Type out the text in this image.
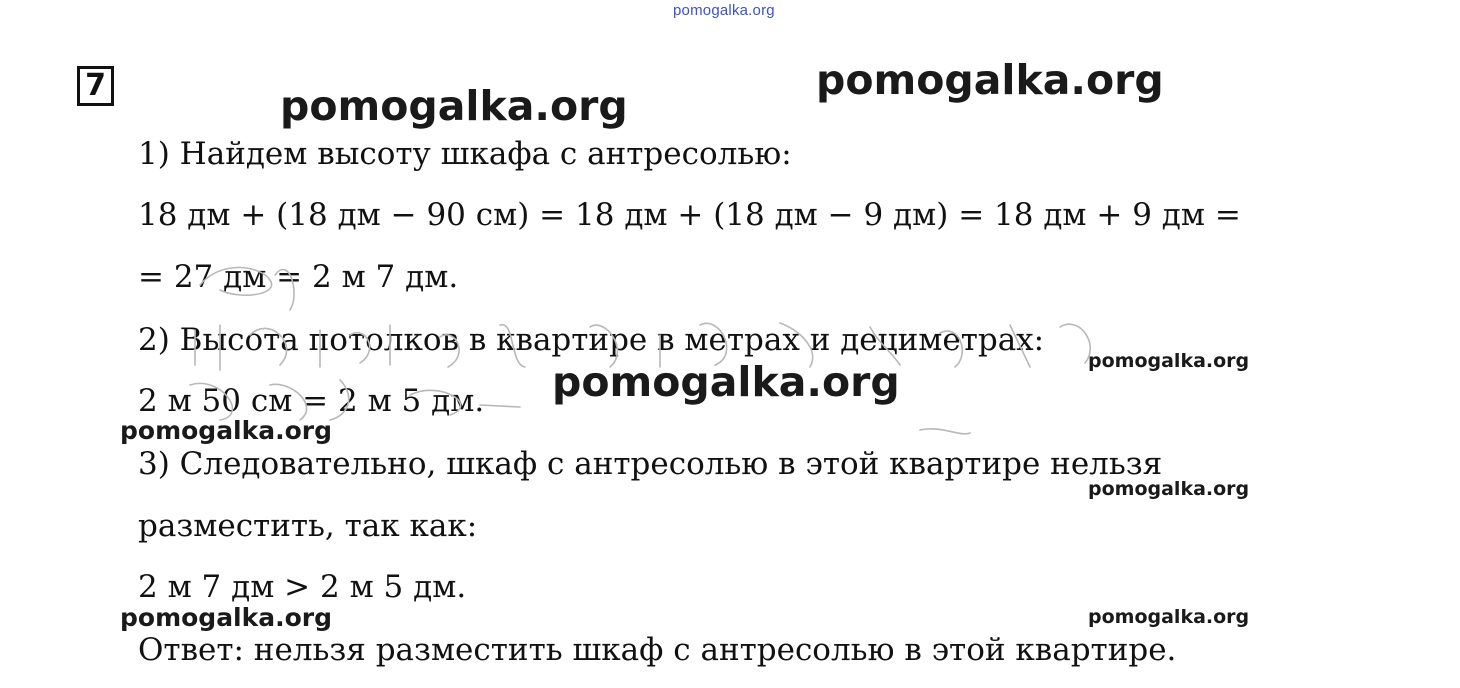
pomogalka.org
7	pomogalka.org
pomogalka.org
1) Найдем высоту шкафа с антресолью:
18 дм + (18 дм − 90 см) = 18 дм + (18 дм − 9 дм) = 18 дм + 9 дм =
= 27 дм = 2 м 7 дм.
2) Высота потолков в квартире в метрах и дециметрах:
pomogalka.org
pomogalka.org
2 м 50 см = 2 м 5 дм.
pomogalka.org
3) Следовательно, шкаф с антресолью в этой квартире нельзя
pomogalka.org
разместить, так как:
2 м 7 дм > 2 м 5 дм.
pomogalka.org	pomogalka.org
Ответ: нельзя разместить шкаф с антресолью в этой квартире.
